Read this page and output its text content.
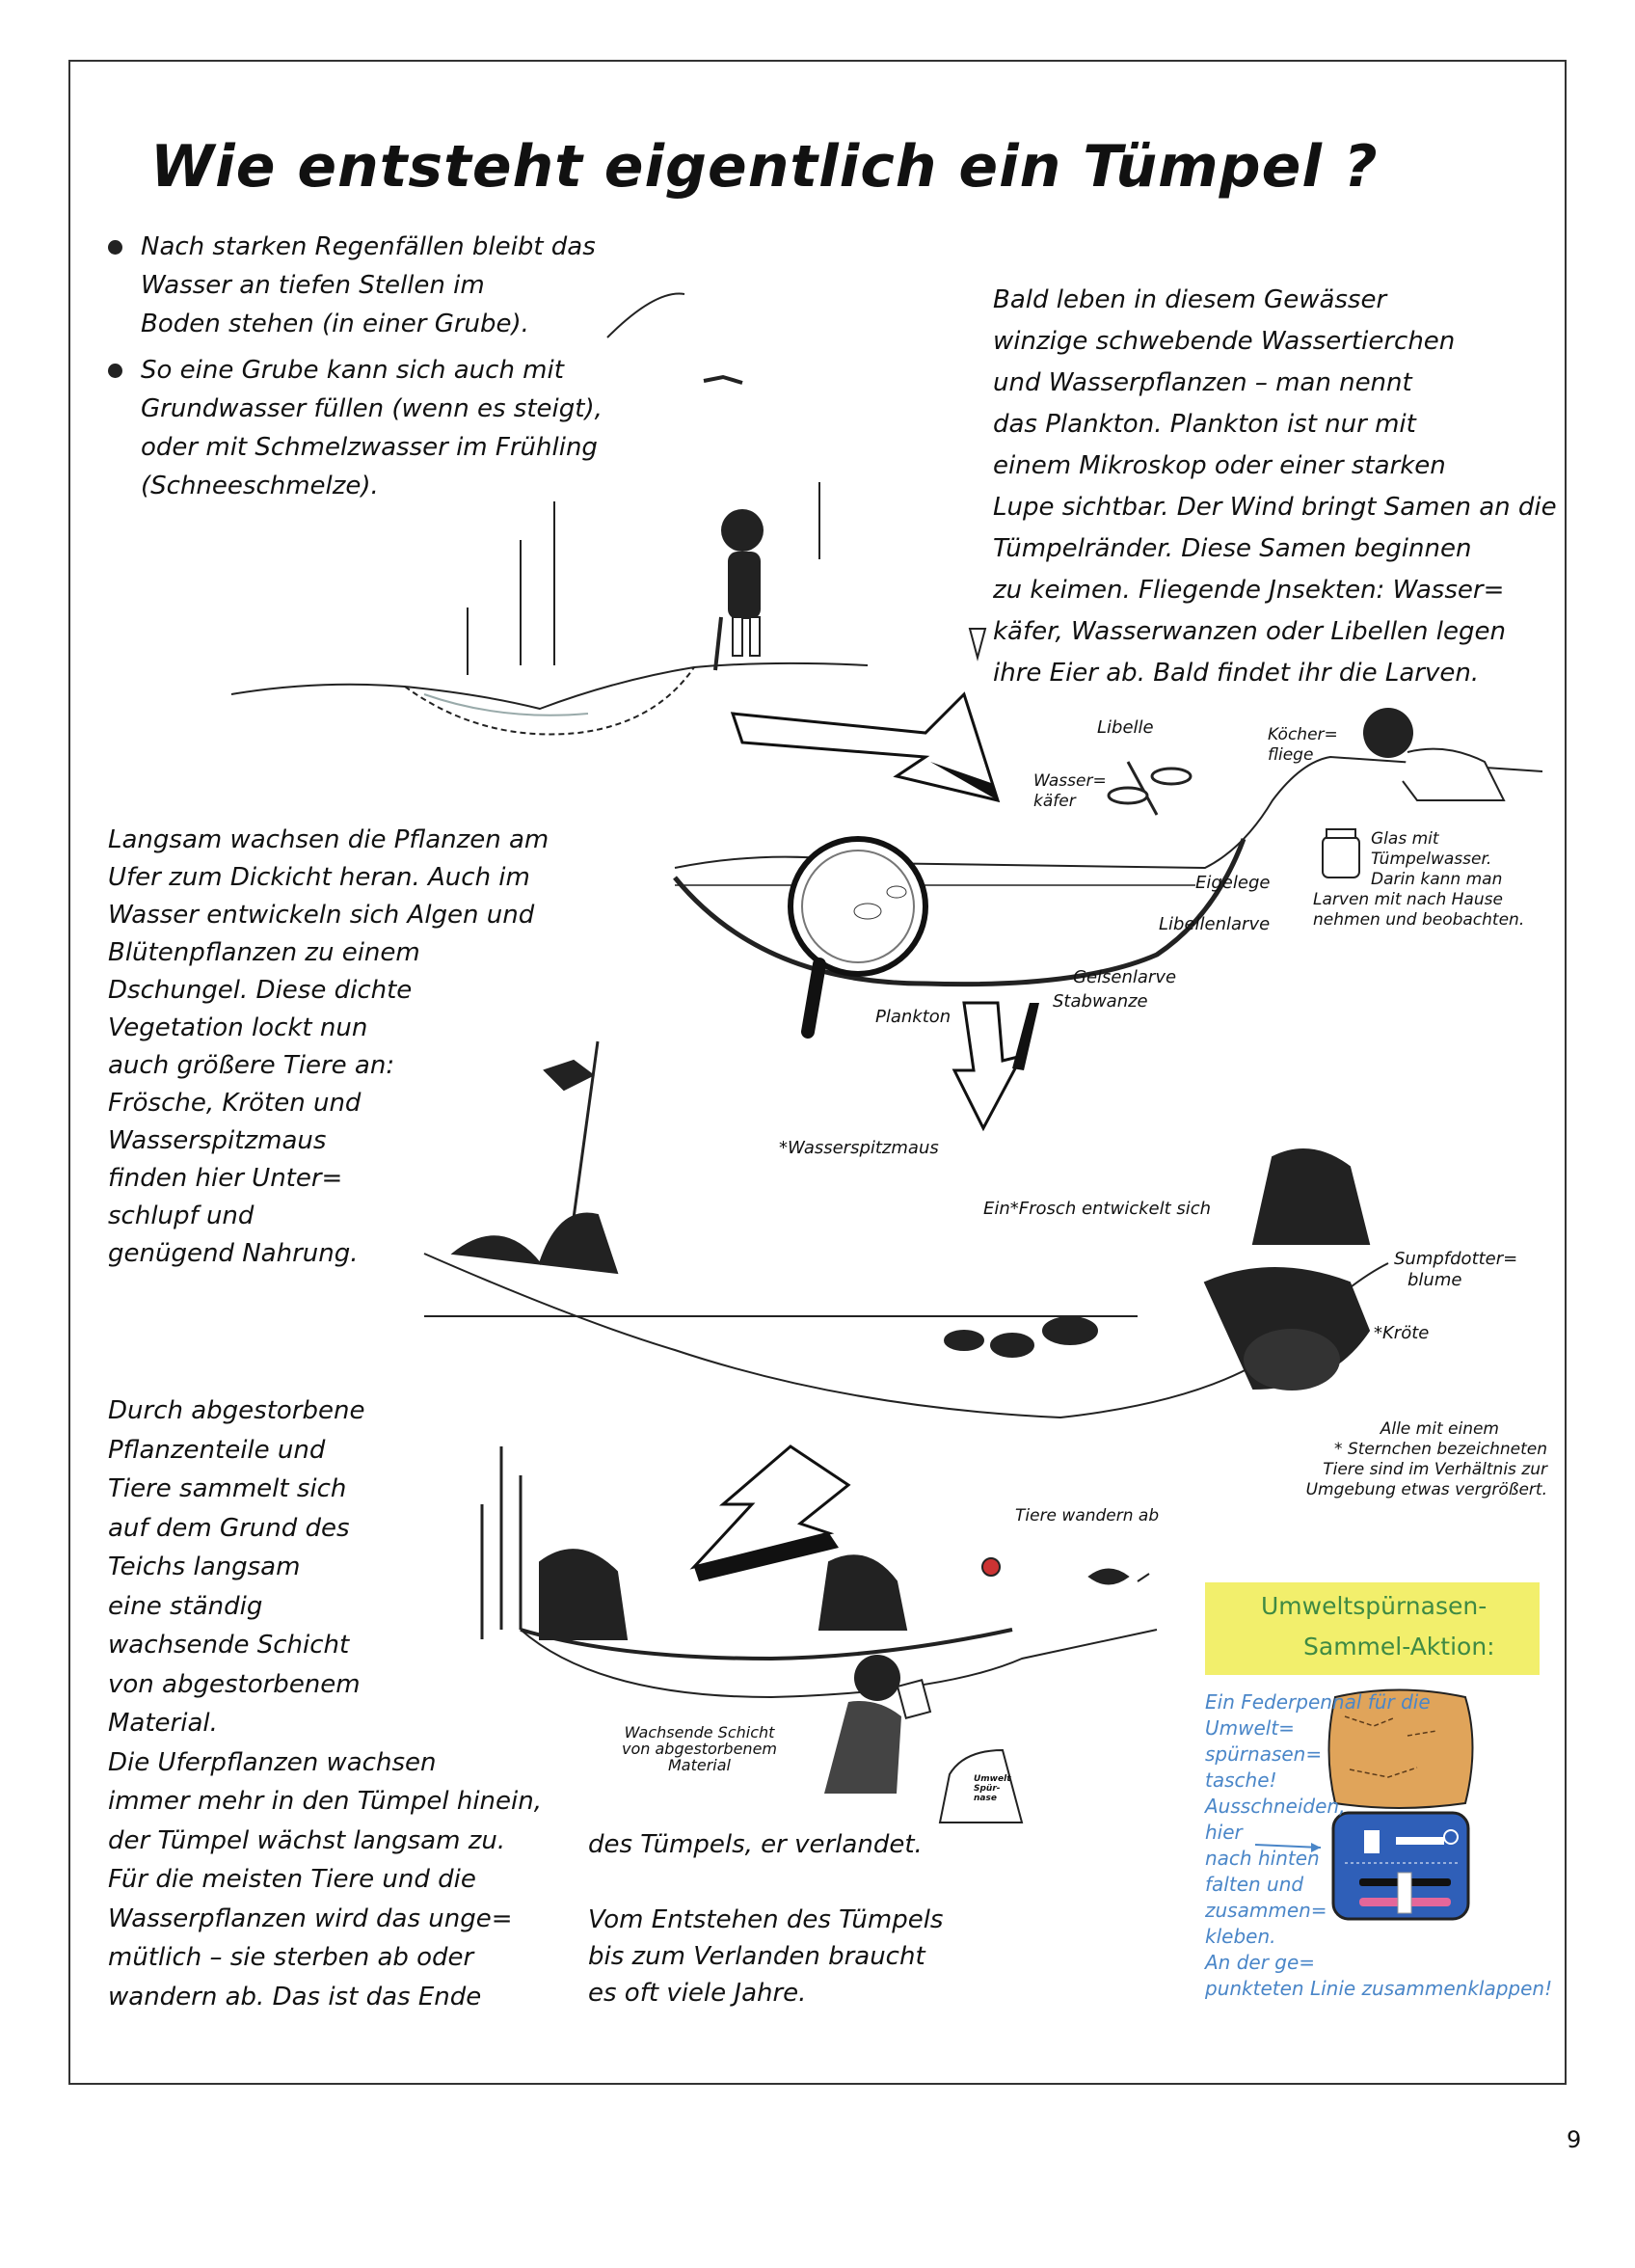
Wie entsteht eigentlich ein Tümpel ?
Nach starken Regenfällen bleibt das
Wasser an tiefen Stellen im
Boden stehen (in einer Grube).
So eine Grube kann sich auch mit
Grundwasser füllen (wenn es steigt),
oder mit Schmelzwasser im Frühling
(Schneeschmelze).
Bald leben in diesem Gewässer
winzige schwebende Wassertierchen
und Wasserpflanzen – man nennt
das Plankton. Plankton ist nur mit
einem Mikroskop oder einer starken
Lupe sichtbar. Der Wind bringt Samen an die
Tümpelränder. Diese Samen beginnen
zu keimen. Fliegende Jnsekten: Wasser=
käfer, Wasserwanzen oder Libellen legen
ihre Eier ab. Bald findet ihr die Larven.
Langsam wachsen die Pflanzen am
Ufer zum Dickicht heran. Auch im
Wasser entwickeln sich Algen und
Blütenpflanzen zu einem
Dschungel. Diese dichte
Vegetation lockt nun
auch größere Tiere an:
Frösche, Kröten und
Wasserspitzmaus
finden hier Unter=
schlupf und
genügend Nahrung.
Durch abgestorbene
Pflanzenteile und
Tiere sammelt sich
auf dem Grund des
Teichs langsam
eine ständig
wachsende Schicht
von abgestorbenem
Material.
Die Uferpflanzen wachsen
immer mehr in den Tümpel hinein,
der Tümpel wächst langsam zu.
Für die meisten Tiere und die
Wasserpflanzen wird das unge=
mütlich – sie sterben ab oder
wandern ab. Das ist das Ende
des Tümpels, er verlandet.
Vom Entstehen des Tümpels
bis zum Verlanden braucht
es oft viele Jahre.
Libelle
Wasser=
käfer
Köcher=
fliege
Glas mit
Tümpelwasser.
Darin kann man
Larven mit nach Hause
nehmen und beobachten.
Eigelege
Libellenlarve
Gelsenlarve
Stabwanze
Plankton
*Wasserspitzmaus
Ein*Frosch entwickelt sich
Sumpfdotter=
blume
*Kröte
Alle mit einem
* Sternchen bezeichneten
Tiere sind im Verhältnis zur
Umgebung etwas vergrößert.
Tiere wandern ab
Wachsende Schicht
von abgestorbenem
Material
Umwelt
Spür-
nase
Umweltspürnasen-
Sammel-Aktion:
Ein Federpennal für die
Umwelt=
spürnasen=
tasche!
Ausschneiden,
hier
nach hinten
falten und
zusammen=
kleben.
An der ge=
punkteten Linie zusammenklappen!
9
